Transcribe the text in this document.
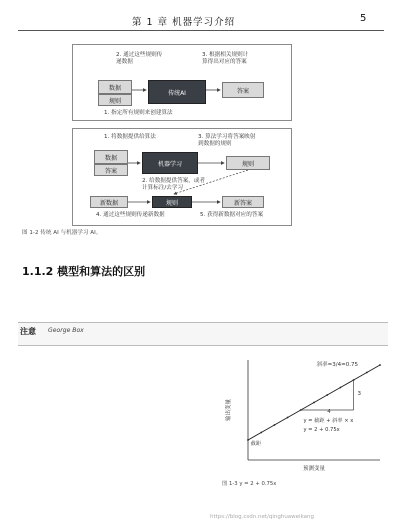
第 1 章 机器学习介绍	5
2. 通过这些规则传
递数据
3. 根据相关规则计
算得出对应的答案
数据
规则
传统AI	答案
1. 指定所有规则来创建算法
1. 将数据提供给算法	3. 算法学习将答案映射
到数据的规则
数据
答案
机器学习	规则
2. 给数据提供答案，或者
计算标注/去学习
新数据	规则	新答案
4. 通过这些规则传递新数据	5. 获得新数据对应的答案
图 1-2 传统 AI 与机器学习 AI。
1.1.2 模型和算法的区别
注意 George Box
预测变量
输出变量
斜率=3/4=0.75
y = 截距 + 斜率 × x
y = 2 + 0.75x
3
4
截距
图 1-3 y = 2 + 0.75x
https://blog.csdn.net/qinghuaweikang
